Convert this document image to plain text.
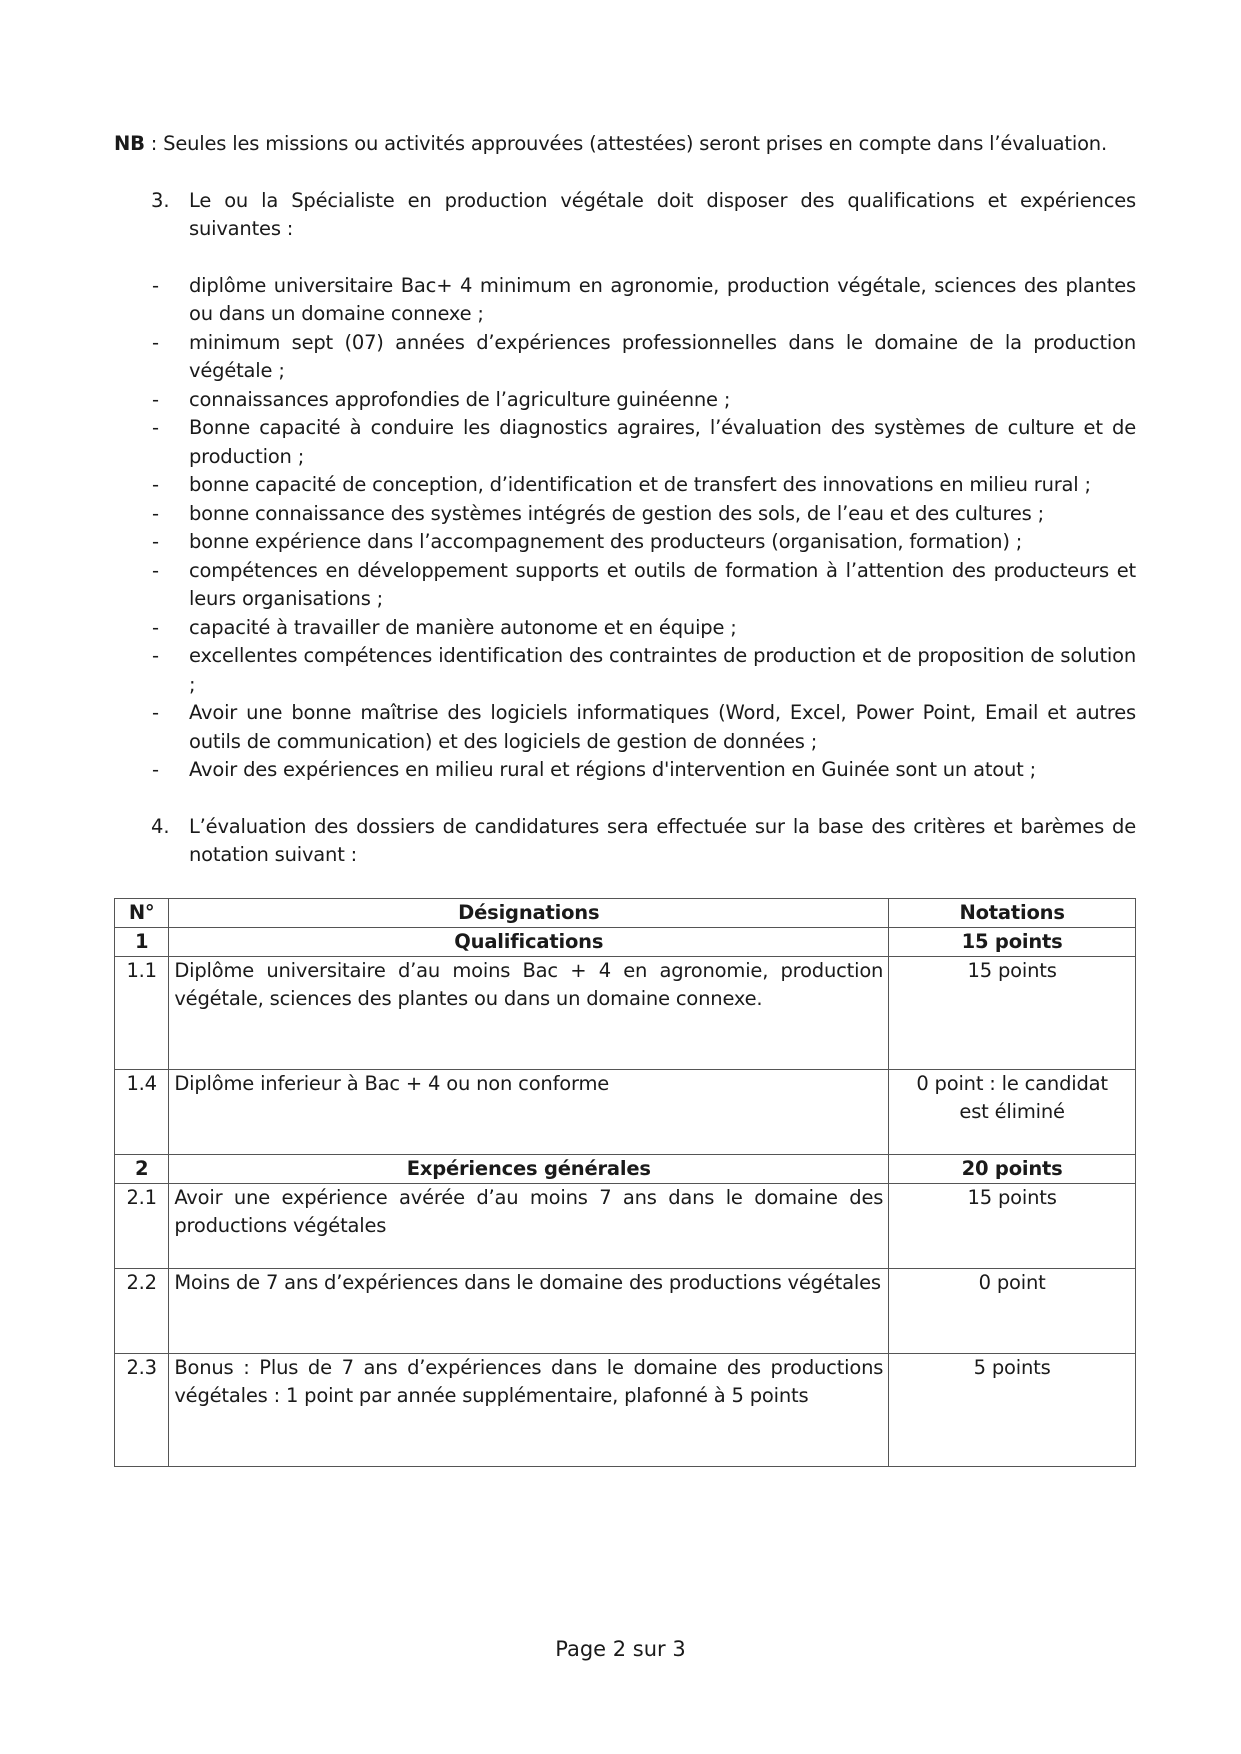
NB : Seules les missions ou activités approuvées (attestées) seront prises en compte dans l’évaluation.

3. Le ou la Spécialiste en production végétale doit disposer des qualifications et expériences suivantes :

-	diplôme universitaire Bac+ 4 minimum en agronomie, production végétale, sciences des plantes ou dans un domaine connexe ;
-	minimum sept (07) années d’expériences professionnelles dans le domaine de la production végétale ;
-	connaissances approfondies de l’agriculture guinéenne ;
-	Bonne capacité à conduire les diagnostics agraires, l’évaluation des systèmes de culture et de production ;
-	bonne capacité de conception, d’identification et de transfert des innovations en milieu rural ;
-	bonne connaissance des systèmes intégrés de gestion des sols, de l’eau et des cultures ;
-	bonne expérience dans l’accompagnement des producteurs (organisation, formation) ;
-	compétences en développement supports et outils de formation à l’attention des producteurs et leurs organisations ;
-	capacité à travailler de manière autonome et en équipe ;
-	excellentes compétences identification des contraintes de production et de proposition de solution ;
-	Avoir une bonne maîtrise des logiciels informatiques (Word, Excel, Power Point, Email et autres outils de communication) et des logiciels de gestion de données ;
-	Avoir des expériences en milieu rural et régions d'intervention en Guinée sont un atout ;
4. L’évaluation des dossiers de candidatures sera effectuée sur la base des critères et barèmes de notation suivant :

N°	Désignations	Notations
1	Qualifications	15 points
1.1	Diplôme universitaire d’au moins Bac + 4 en agronomie, production végétale, sciences des plantes ou dans un domaine connexe.	15 points
1.4	Diplôme inferieur à Bac + 4 ou non conforme	0 point : le candidat est éliminé
2	Expériences générales	20 points
2.1	Avoir une expérience avérée d’au moins 7 ans dans le domaine des productions végétales	15 points
2.2	Moins de 7 ans d’expériences dans le domaine des productions végétales	0 point
2.3	Bonus : Plus de 7 ans d’expériences dans le domaine des productions végétales : 1 point par année supplémentaire, plafonné à 5 points	5 points
Page 2 sur 3
